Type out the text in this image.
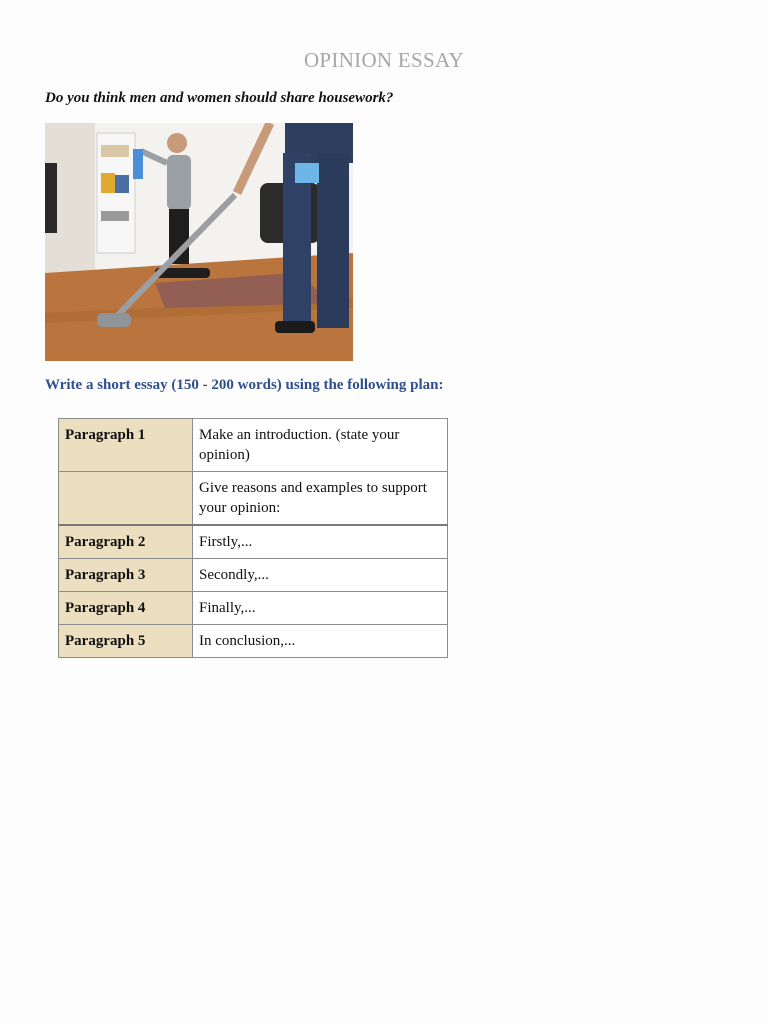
OPINION ESSAY
Do you think men and women should share housework?
Write a short essay (150 - 200 words) using the following plan:
Paragraph 1	Make an introduction. (state your opinion)
	Give reasons and examples to support your opinion:
Paragraph 2	Firstly,...
Paragraph 3	Secondly,...
Paragraph 4	Finally,...
Paragraph 5	In conclusion,...
